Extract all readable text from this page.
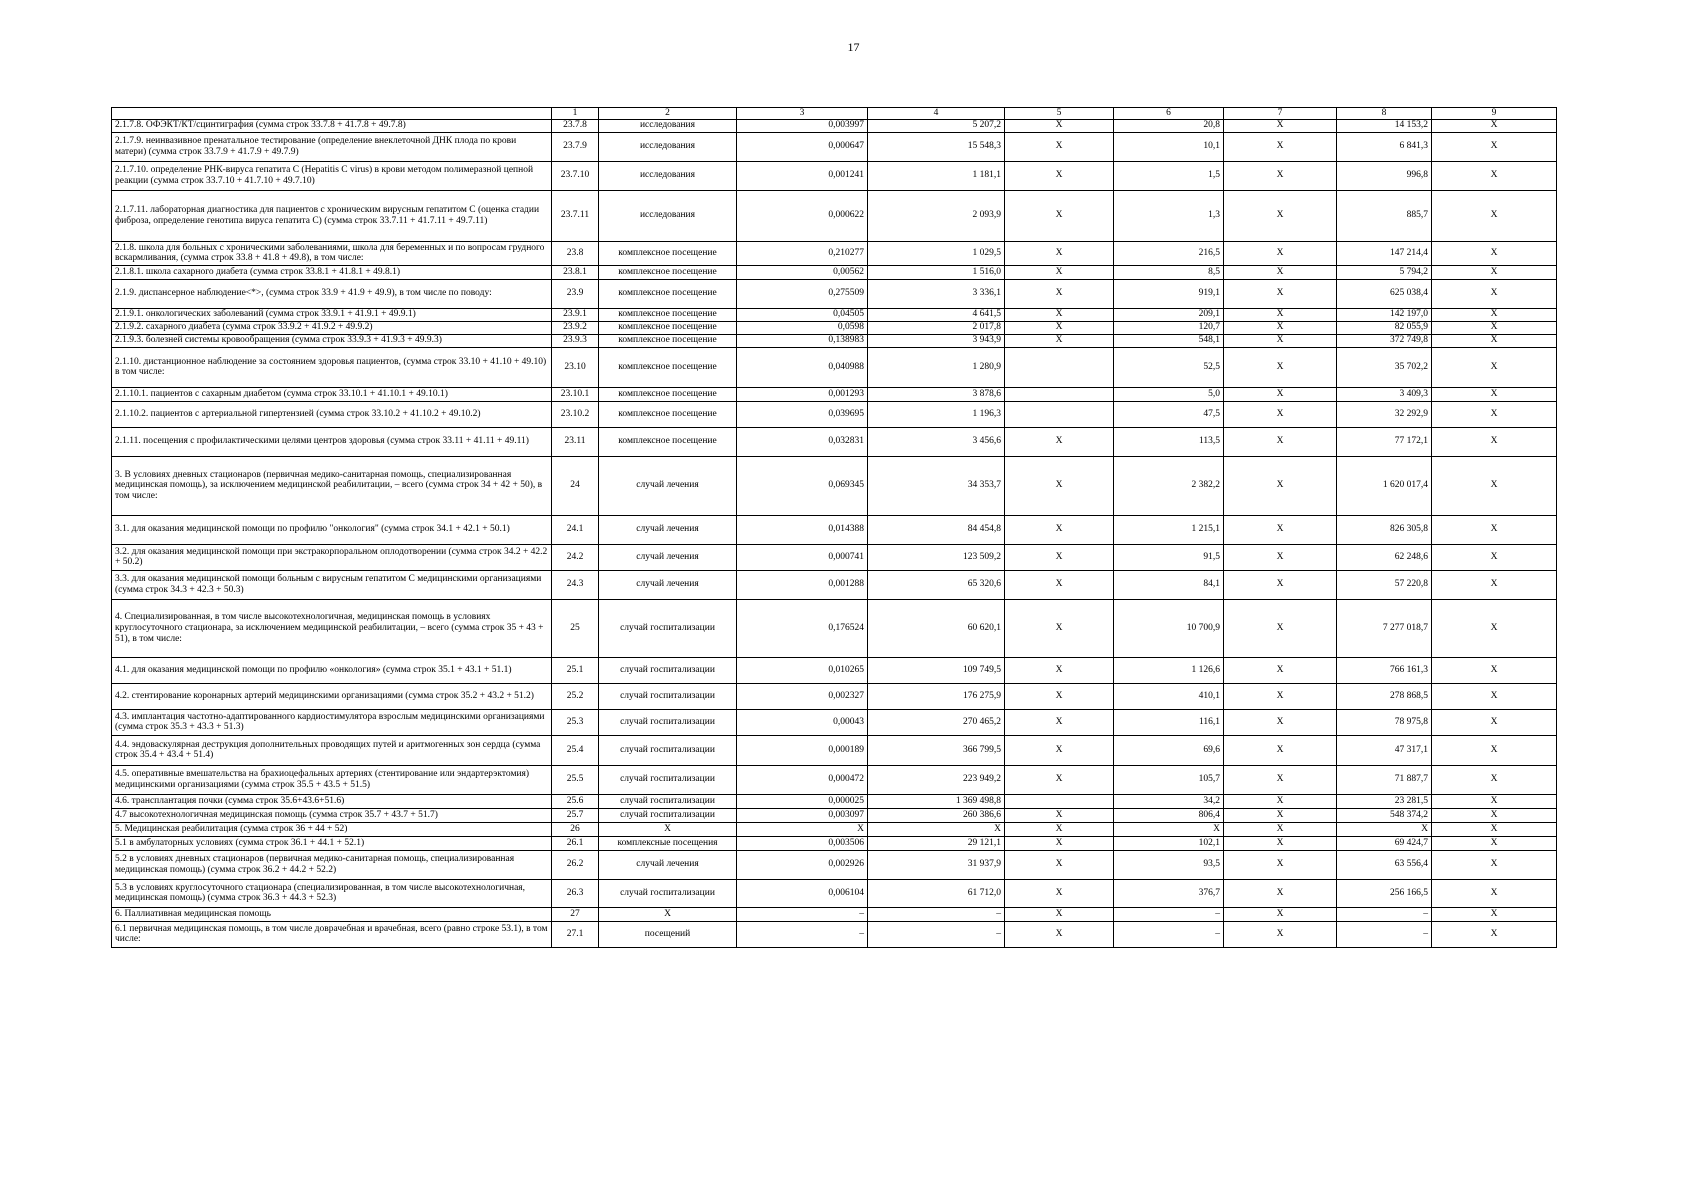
17
	1	2	3	4	5	6	7	8	9
2.1.7.8. ОФЭКТ/КТ/сцинтиграфия (сумма строк 33.7.8 + 41.7.8 + 49.7.8)	23.7.8	исследования	0,003997	5 207,2	X	20,8	X	14 153,2	X
2.1.7.9. неинвазивное пренатальное тестирование (определение внеклеточной ДНК плода по крови матери) (сумма строк 33.7.9 + 41.7.9 + 49.7.9)	23.7.9	исследования	0,000647	15 548,3	X	10,1	X	6 841,3	X
2.1.7.10. определение РНК-вируса гепатита C (Hepatitis C virus) в крови методом полимеразной цепной реакции (сумма строк 33.7.10 + 41.7.10 + 49.7.10)	23.7.10	исследования	0,001241	1 181,1	X	1,5	X	996,8	X
2.1.7.11. лабораторная диагностика для пациентов с хроническим вирусным гепатитом C (оценка стадии фиброза, определение генотипа вируса гепатита C) (сумма строк 33.7.11 + 41.7.11 + 49.7.11)	23.7.11	исследования	0,000622	2 093,9	X	1,3	X	885,7	X
2.1.8. школа для больных с хроническими заболеваниями, школа для беременных и по вопросам грудного вскармливания, (сумма строк 33.8 + 41.8 + 49.8), в том числе:	23.8	комплексное посещение	0,210277	1 029,5	X	216,5	X	147 214,4	X
2.1.8.1. школа сахарного диабета (сумма строк 33.8.1 + 41.8.1 + 49.8.1)	23.8.1	комплексное посещение	0,00562	1 516,0	X	8,5	X	5 794,2	X
2.1.9. диспансерное наблюдение<*>, (сумма строк 33.9 + 41.9 + 49.9), в том числе по поводу:	23.9	комплексное посещение	0,275509	3 336,1	X	919,1	X	625 038,4	X
2.1.9.1. онкологических заболеваний (сумма строк 33.9.1 + 41.9.1 + 49.9.1)	23.9.1	комплексное посещение	0,04505	4 641,5	X	209,1	X	142 197,0	X
2.1.9.2. сахарного диабета (сумма строк 33.9.2 + 41.9.2 + 49.9.2)	23.9.2	комплексное посещение	0,0598	2 017,8	X	120,7	X	82 055,9	X
2.1.9.3. болезней системы кровообращения (сумма строк 33.9.3 + 41.9.3 + 49.9.3)	23.9.3	комплексное посещение	0,138983	3 943,9	X	548,1	X	372 749,8	X
2.1.10. дистанционное наблюдение за состоянием здоровья пациентов, (сумма строк 33.10 + 41.10 + 49.10) в том числе:	23.10	комплексное посещение	0,040988	1 280,9		52,5	X	35 702,2	X
2.1.10.1. пациентов с сахарным диабетом (сумма строк 33.10.1 + 41.10.1 + 49.10.1)	23.10.1	комплексное посещение	0,001293	3 878,6		5,0	X	3 409,3	X
2.1.10.2. пациентов с артериальной гипертензией (сумма строк 33.10.2 + 41.10.2 + 49.10.2)	23.10.2	комплексное посещение	0,039695	1 196,3		47,5	X	32 292,9	X
2.1.11. посещения с профилактическими целями центров здоровья (сумма строк 33.11 + 41.11 + 49.11)	23.11	комплексное посещение	0,032831	3 456,6	X	113,5	X	77 172,1	X
3. В условиях дневных стационаров (первичная медико-санитарная помощь, специализированная медицинская помощь), за исключением медицинской реабилитации, – всего (сумма строк 34 + 42 + 50), в том числе:	24	случай лечения	0,069345	34 353,7	X	2 382,2	X	1 620 017,4	X
3.1. для оказания медицинской помощи по профилю "онкология" (сумма строк 34.1 + 42.1 + 50.1)	24.1	случай лечения	0,014388	84 454,8	X	1 215,1	X	826 305,8	X
3.2. для оказания медицинской помощи при экстракорпоральном оплодотворении (сумма строк 34.2 + 42.2 + 50.2)	24.2	случай лечения	0,000741	123 509,2	X	91,5	X	62 248,6	X
3.3. для оказания медицинской помощи больным с вирусным гепатитом C медицинскими организациями (сумма строк 34.3 + 42.3 + 50.3)	24.3	случай лечения	0,001288	65 320,6	X	84,1	X	57 220,8	X
4. Специализированная, в том числе высокотехнологичная, медицинская помощь в условиях круглосуточного стационара, за исключением медицинской реабилитации, – всего (сумма строк 35 + 43 + 51), в том числе:	25	случай госпитализации	0,176524	60 620,1	X	10 700,9	X	7 277 018,7	X
4.1. для оказания медицинской помощи по профилю «онкология» (сумма строк 35.1 + 43.1 + 51.1)	25.1	случай госпитализации	0,010265	109 749,5	X	1 126,6	X	766 161,3	X
4.2. стентирование коронарных артерий медицинскими организациями (сумма строк 35.2 + 43.2 + 51.2)	25.2	случай госпитализации	0,002327	176 275,9	X	410,1	X	278 868,5	X
4.3. имплантация частотно-адаптированного кардиостимулятора взрослым медицинскими организациями (сумма строк 35.3 + 43.3 + 51.3)	25.3	случай госпитализации	0,00043	270 465,2	X	116,1	X	78 975,8	X
4.4. эндоваскулярная деструкция дополнительных проводящих путей и аритмогенных зон сердца (сумма строк 35.4 + 43.4 + 51.4)	25.4	случай госпитализации	0,000189	366 799,5	X	69,6	X	47 317,1	X
4.5. оперативные вмешательства на брахиоцефальных артериях (стентирование или эндартерэктомия) медицинскими организациями (сумма строк 35.5 + 43.5 + 51.5)	25.5	случай госпитализации	0,000472	223 949,2	X	105,7	X	71 887,7	X
4.6. трансплантация почки (сумма строк 35.6+43.6+51.6)	25.6	случай госпитализации	0,000025	1 369 498,8		34,2	X	23 281,5	X
4.7 высокотехнологичная медицинская помощь (сумма строк 35.7 + 43.7 + 51.7)	25.7	случай госпитализации	0,003097	260 386,6	X	806,4	X	548 374,2	X
5. Медицинская реабилитация (сумма строк 36 + 44 + 52)	26	X	X	X	X	X	X	X	X
5.1 в амбулаторных условиях (сумма строк 36.1 + 44.1 + 52.1)	26.1	комплексные посещения	0,003506	29 121,1	X	102,1	X	69 424,7	X
5.2 в условиях дневных стационаров (первичная медико-санитарная помощь, специализированная медицинская помощь) (сумма строк 36.2 + 44.2 + 52.2)	26.2	случай лечения	0,002926	31 937,9	X	93,5	X	63 556,4	X
5.3 в условиях круглосуточного стационара (специализированная, в том числе высокотехнологичная, медицинская помощь) (сумма строк 36.3 + 44.3 + 52.3)	26.3	случай госпитализации	0,006104	61 712,0	X	376,7	X	256 166,5	X
6. Паллиативная медицинская помощь	27	X	–	–	X	–	X	–	X
6.1 первичная медицинская помощь, в том числе доврачебная и врачебная, всего (равно строке 53.1), в том числе:	27.1	посещений	–	–	X	–	X	–	X
